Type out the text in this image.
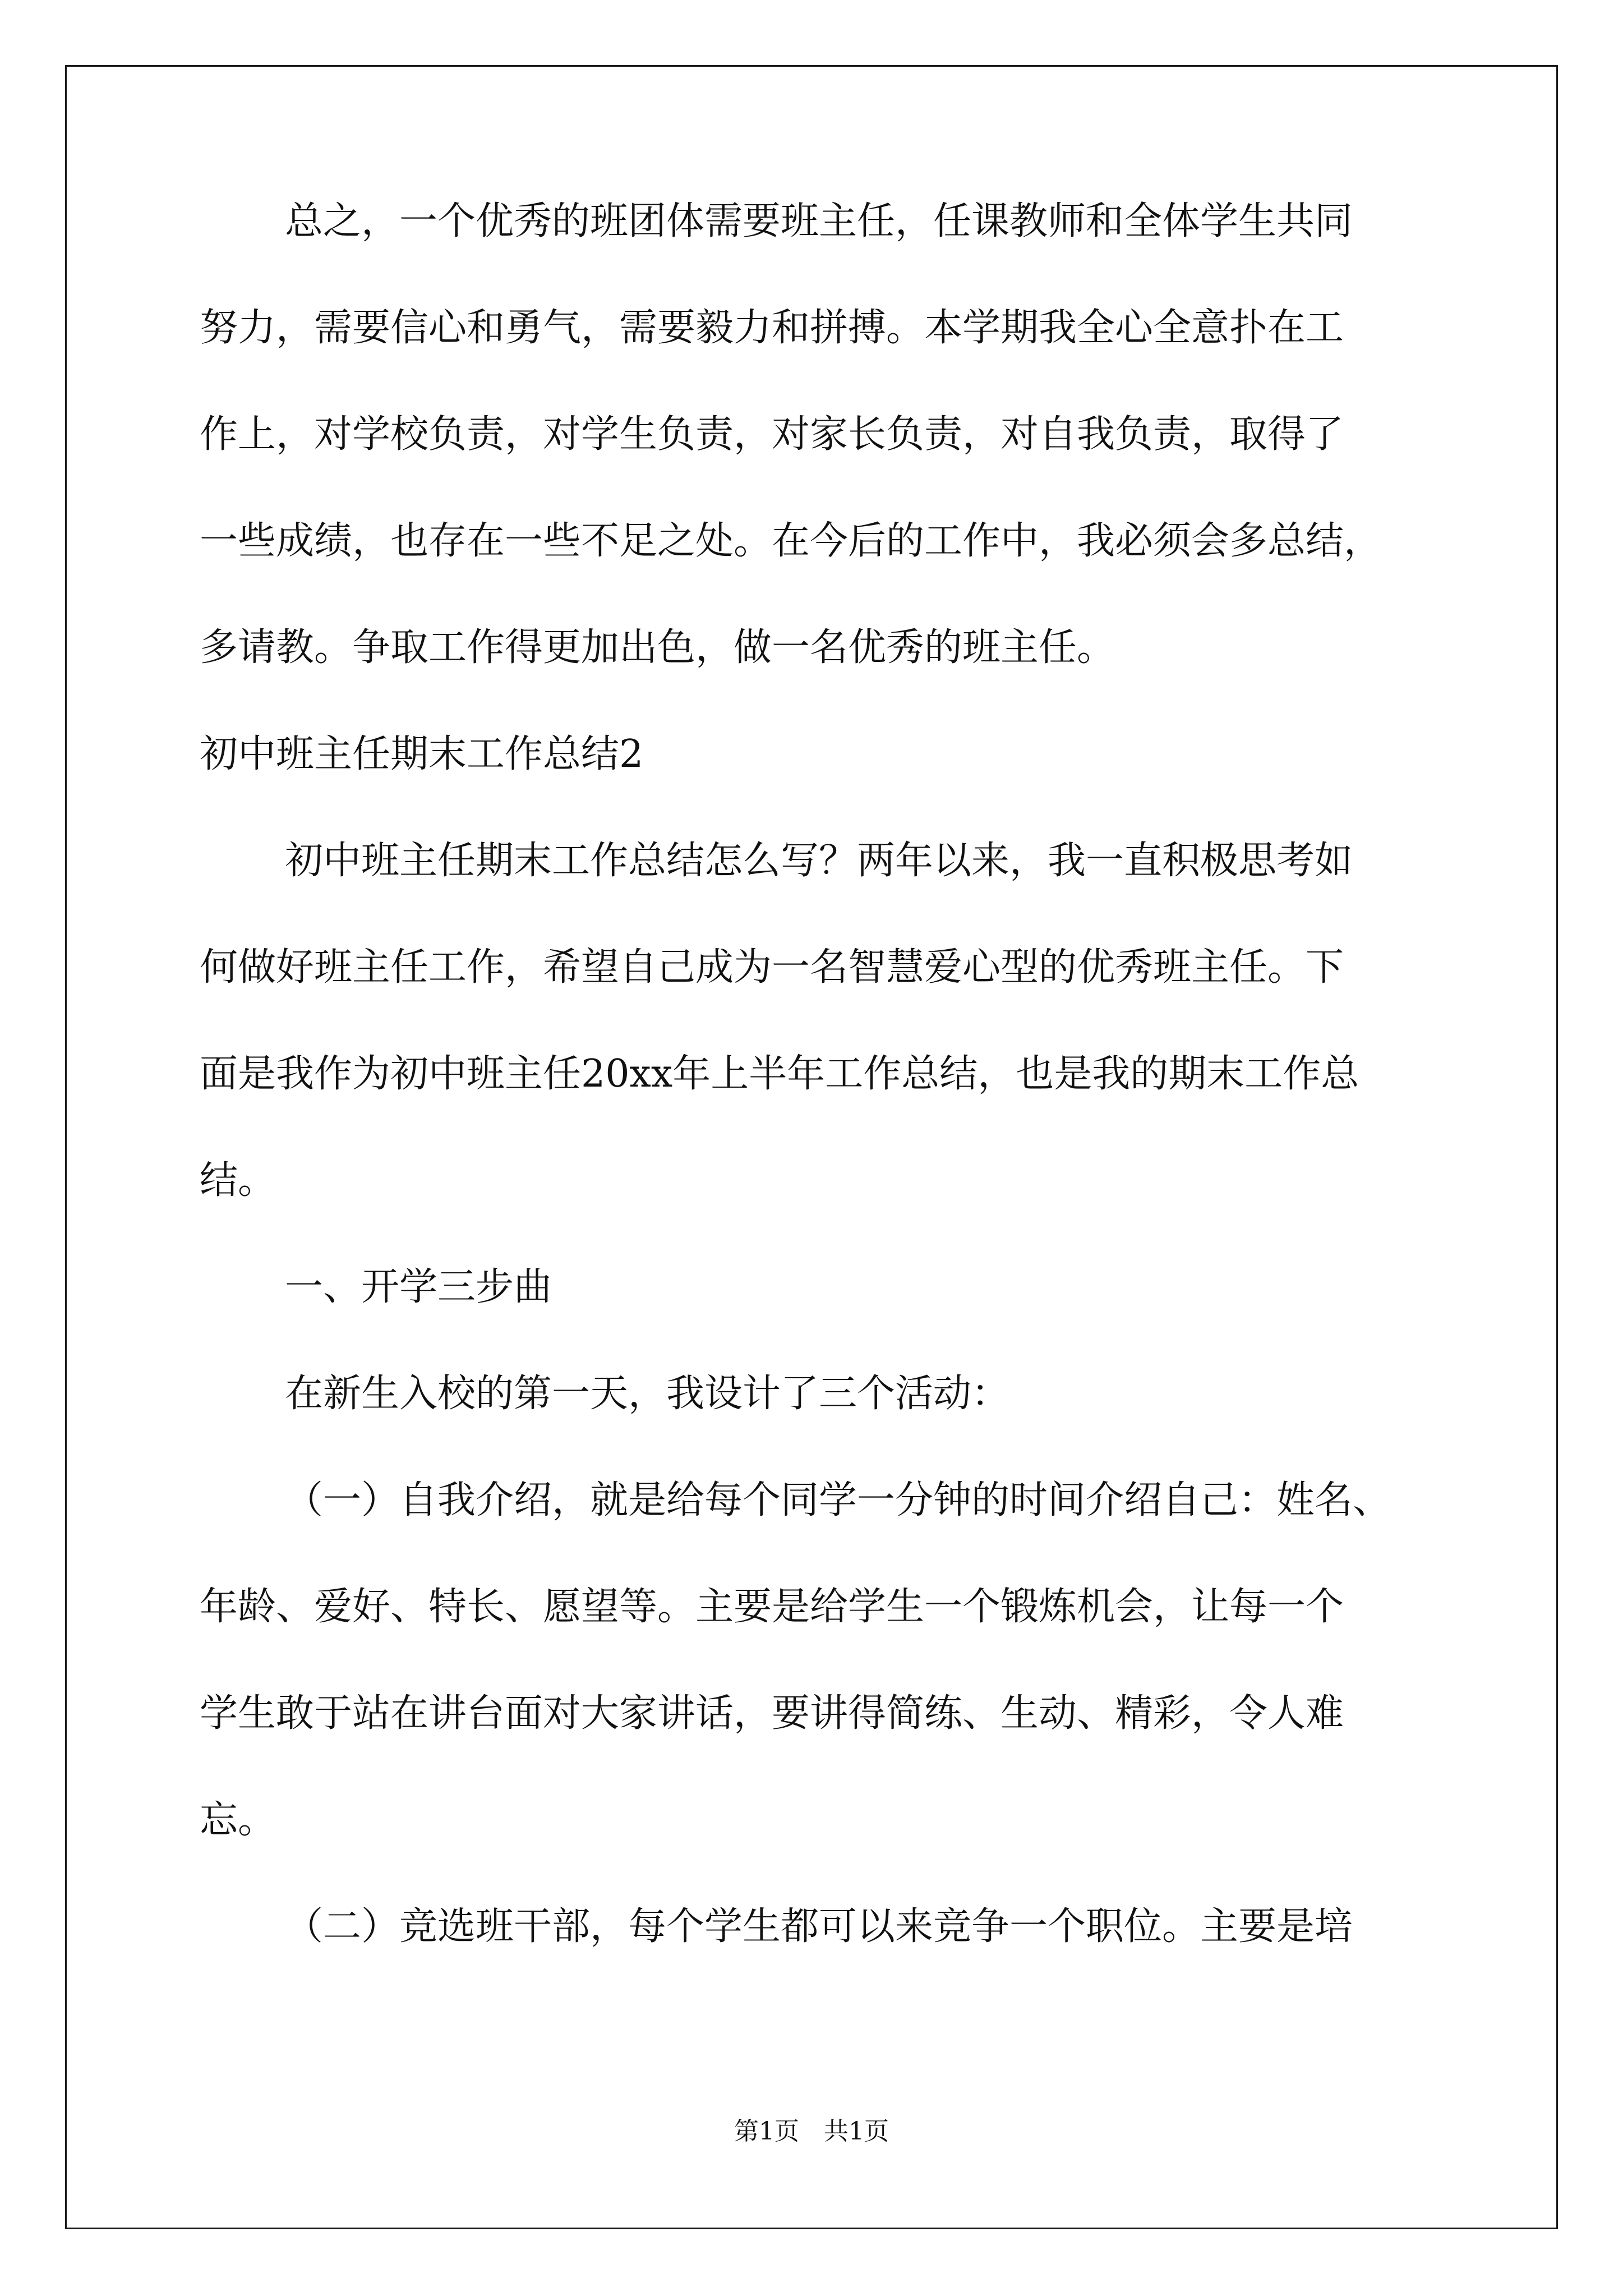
总之，一个优秀的班团体需要班主任，任课教师和全体学生共同

努力，需要信心和勇气，需要毅力和拼搏。本学期我全心全意扑在工

作上，对学校负责，对学生负责，对家长负责，对自我负责，取得了

一些成绩，也存在一些不足之处。在今后的工作中，我必须会多总结，

多请教。争取工作得更加出色，做一名优秀的班主任。

初中班主任期末工作总结2

初中班主任期末工作总结怎么写？两年以来，我一直积极思考如

何做好班主任工作，希望自己成为一名智慧爱心型的优秀班主任。下

面是我作为初中班主任20xx年上半年工作总结，也是我的期末工作总

结。

一、开学三步曲

在新生入校的第一天，我设计了三个活动：

（一）自我介绍，就是给每个同学一分钟的时间介绍自己：姓名、

年龄、爱好、特长、愿望等。主要是给学生一个锻炼机会，让每一个

学生敢于站在讲台面对大家讲话，要讲得简练、生动、精彩，令人难

忘。

（二）竞选班干部，每个学生都可以来竞争一个职位。主要是培

第1页　共1页
